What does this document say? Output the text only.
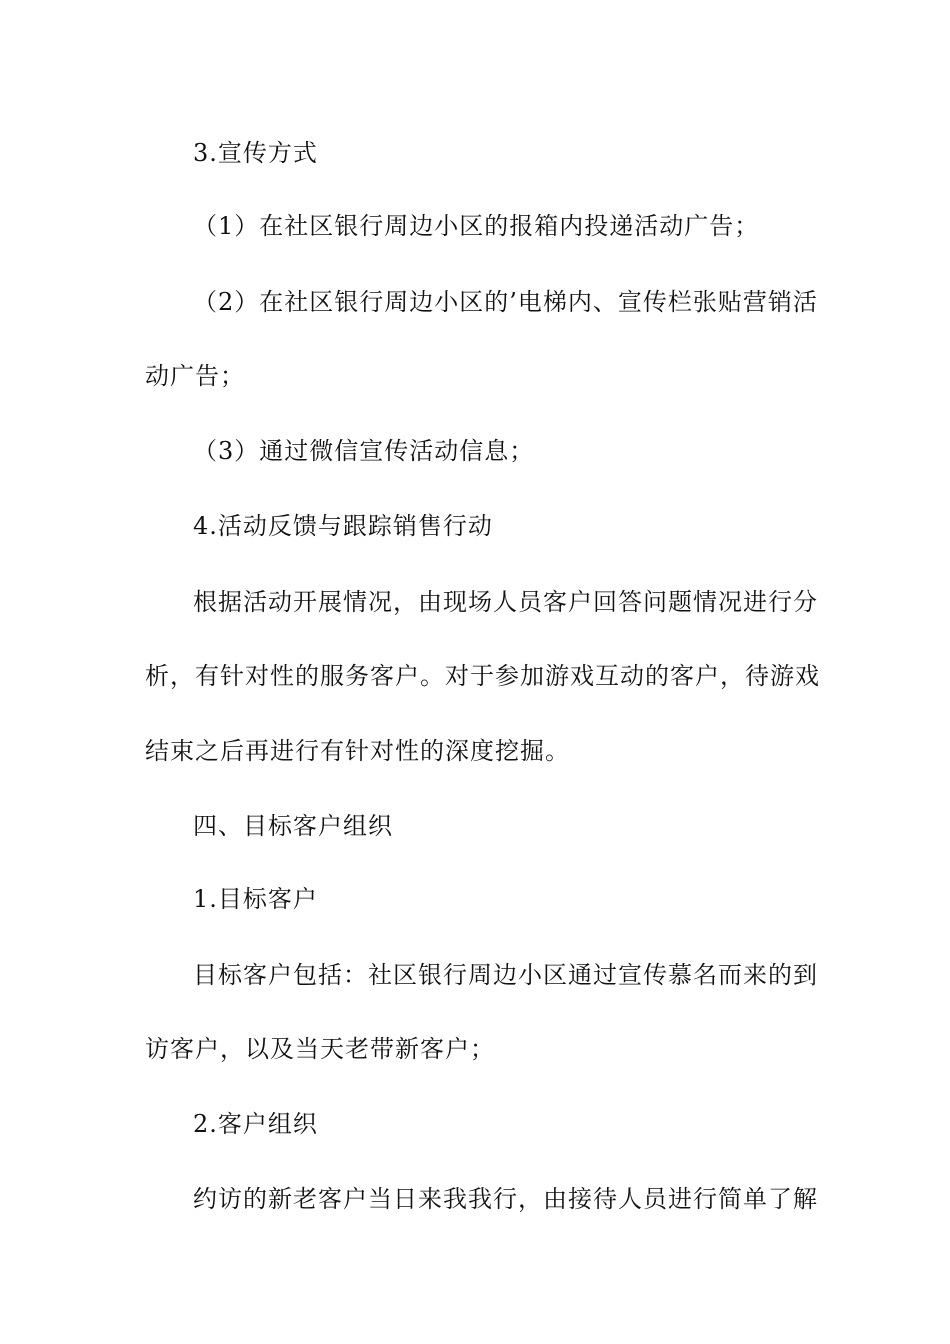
3.宣传方式
（1）在社区银行周边小区的报箱内投递活动广告；
（2）在社区银行周边小区的’电梯内、宣传栏张贴营销活
动广告；
（3）通过微信宣传活动信息；
4.活动反馈与跟踪销售行动
根据活动开展情况，由现场人员客户回答问题情况进行分
析，有针对性的服务客户。对于参加游戏互动的客户，待游戏
结束之后再进行有针对性的深度挖掘。
四、目标客户组织
1.目标客户
目标客户包括：社区银行周边小区通过宣传慕名而来的到
访客户，以及当天老带新客户；
2.客户组织
约访的新老客户当日来我我行，由接待人员进行简单了解
